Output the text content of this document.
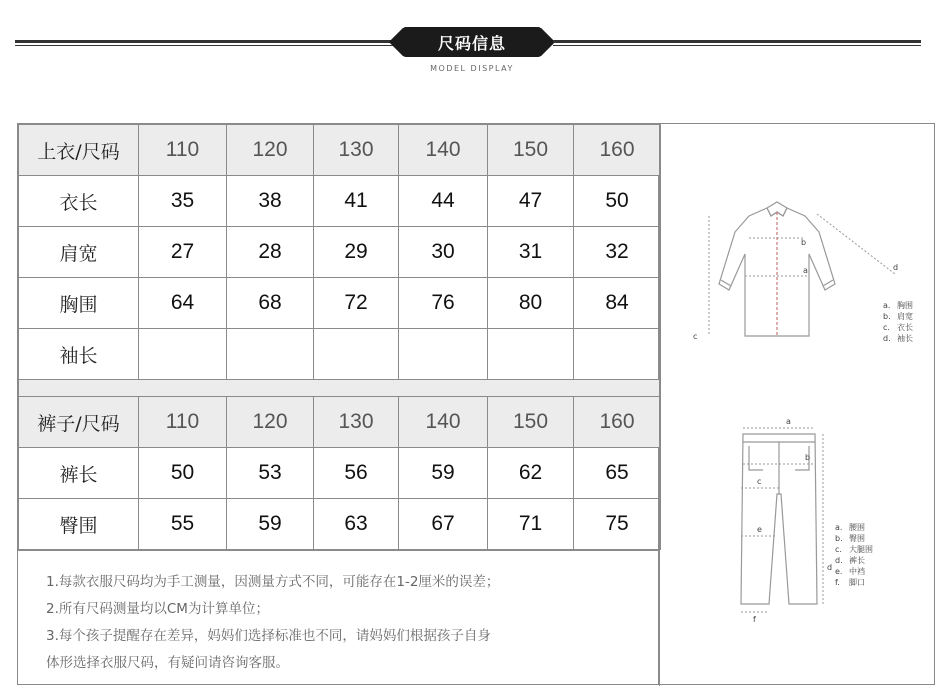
尺码信息
MODEL DISPLAY
上衣/尺码	110	120	130	140	150	160
衣长	35	38	41	44	47	50
肩宽	27	28	29	30	31	32
胸围	64	68	72	76	80	84
袖长						

裤子/尺码	110	120	130	140	150	160
裤长	50	53	56	59	62	65
臀围	55	59	63	67	71	75
1.每款衣服尺码均为手工测量，因测量方式不同，可能存在1-2厘米的误差；
2.所有尺码测量均以CM为计算单位；
3.每个孩子提醒存在差异，妈妈们选择标准也不同，请妈妈们根据孩子自身
体形选择衣服尺码，有疑问请咨询客服。
a
b
c
d
a. 胸围
b. 肩宽
c. 衣长
d. 袖长
a
b
c
d
e
f
a. 腰围
b. 臀围
c. 大腿围
d. 裤长
e. 中裆
f. 脚口
